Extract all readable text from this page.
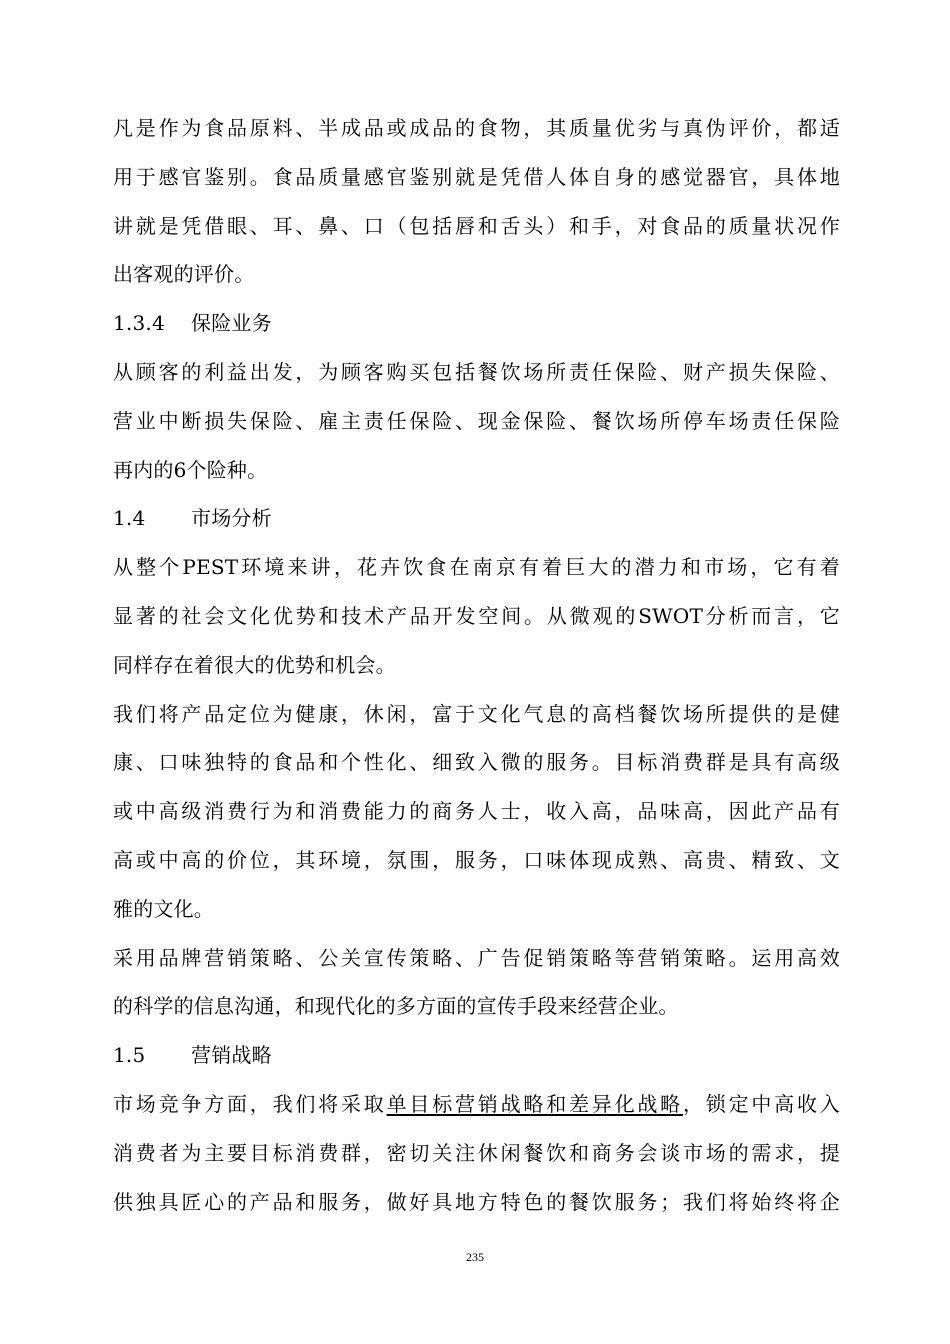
凡是作为食品原料、半成品或成品的食物，其质量优劣与真伪评价，都适
用于感官鉴别。食品质量感官鉴别就是凭借人体自身的感觉器官，具体地
讲就是凭借眼、耳、鼻、口（包括唇和舌头）和手，对食品的质量状况作
出客观的评价。
1.3.4 保险业务
从顾客的利益出发，为顾客购买包括餐饮场所责任保险、财产损失保险、
营业中断损失保险、雇主责任保险、现金保险、餐饮场所停车场责任保险
再内的6个险种。
1.4 市场分析
从整个PEST环境来讲，花卉饮食在南京有着巨大的潜力和市场，它有着
显著的社会文化优势和技术产品开发空间。从微观的SWOT分析而言，它
同样存在着很大的优势和机会。
我们将产品定位为健康，休闲，富于文化气息的高档餐饮场所提供的是健
康、口味独特的食品和个性化、细致入微的服务。目标消费群是具有高级
或中高级消费行为和消费能力的商务人士，收入高，品味高，因此产品有
高或中高的价位，其环境，氛围，服务，口味体现成熟、高贵、精致、文
雅的文化。
采用品牌营销策略、公关宣传策略、广告促销策略等营销策略。运用高效
的科学的信息沟通，和现代化的多方面的宣传手段来经营企业。
1.5 营销战略
市场竞争方面，我们将采取单目标营销战略和差异化战略，锁定中高收入
消费者为主要目标消费群，密切关注休闲餐饮和商务会谈市场的需求，提
供独具匠心的产品和服务，做好具地方特色的餐饮服务；我们将始终将企
235
